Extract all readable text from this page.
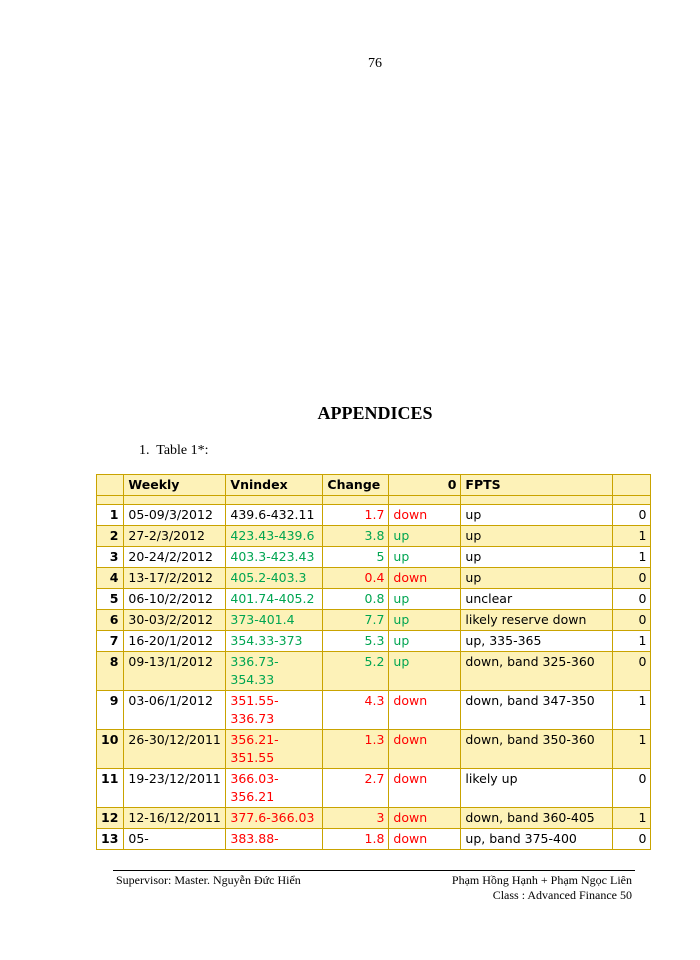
76
APPENDICES
1. Table 1*:
	Weekly	Vnindex	Change	0	FPTS	

1	05-09/3/2012	439.6-432.11	1.7	down	up	0
2	27-2/3/2012	423.43-439.6	3.8	up	up	1
3	20-24/2/2012	403.3-423.43	5	up	up	1
4	13-17/2/2012	405.2-403.3	0.4	down	up	0
5	06-10/2/2012	401.74-405.2	0.8	up	unclear	0
6	30-03/2/2012	373-401.4	7.7	up	likely reserve down	0
7	16-20/1/2012	354.33-373	5.3	up	up, 335-365	1
8	09-13/1/2012	336.73-354.33	5.2	up	down, band 325-360	0
9	03-06/1/2012	351.55-336.73	4.3	down	down, band 347-350	1
10	26-30/12/2011	356.21-351.55	1.3	down	down, band 350-360	1
11	19-23/12/2011	366.03-356.21	2.7	down	likely up	0
12	12-16/12/2011	377.6-366.03	3	down	down, band 360-405	1
13	05-	383.88-	1.8	down	up, band 375-400	0
Supervisor: Master. Nguyễn Đức Hiển	Phạm Hồng Hạnh + Phạm Ngọc Liên
Class : Advanced Finance 50
